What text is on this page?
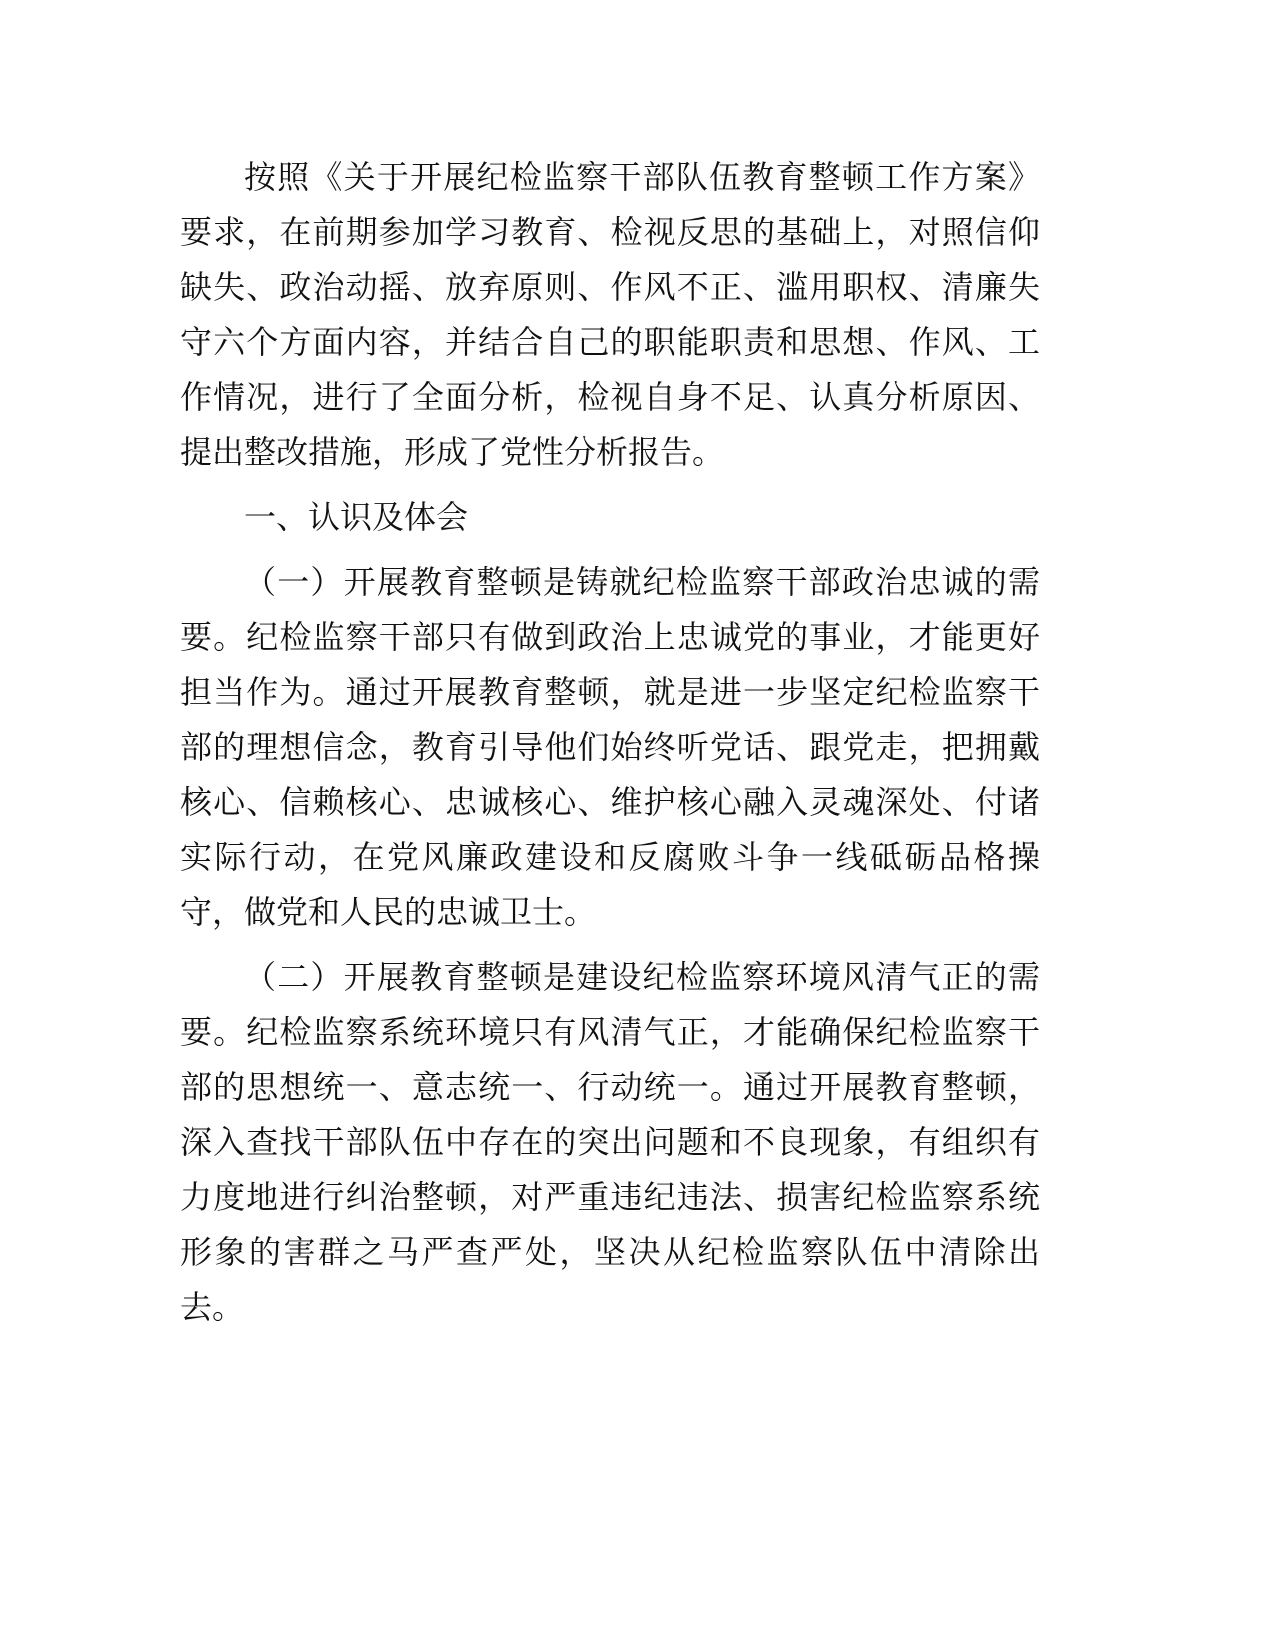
按照《关于开展纪检监察干部队伍教育整顿工作方案》要求，在前期参加学习教育、检视反思的基础上，对照信仰缺失、政治动摇、放弃原则、作风不正、滥用职权、清廉失守六个方面内容，并结合自己的职能职责和思想、作风、工作情况，进行了全面分析，检视自身不足、认真分析原因、提出整改措施，形成了党性分析报告。

一、认识及体会

（一）开展教育整顿是铸就纪检监察干部政治忠诚的需要。纪检监察干部只有做到政治上忠诚党的事业，才能更好担当作为。通过开展教育整顿，就是进一步坚定纪检监察干部的理想信念，教育引导他们始终听党话、跟党走，把拥戴核心、信赖核心、忠诚核心、维护核心融入灵魂深处、付诸实际行动，在党风廉政建设和反腐败斗争一线砥砺品格操守，做党和人民的忠诚卫士。

（二）开展教育整顿是建设纪检监察环境风清气正的需要。纪检监察系统环境只有风清气正，才能确保纪检监察干部的思想统一、意志统一、行动统一。通过开展教育整顿，深入查找干部队伍中存在的突出问题和不良现象，有组织有力度地进行纠治整顿，对严重违纪违法、损害纪检监察系统形象的害群之马严查严处，坚决从纪检监察队伍中清除出去。
